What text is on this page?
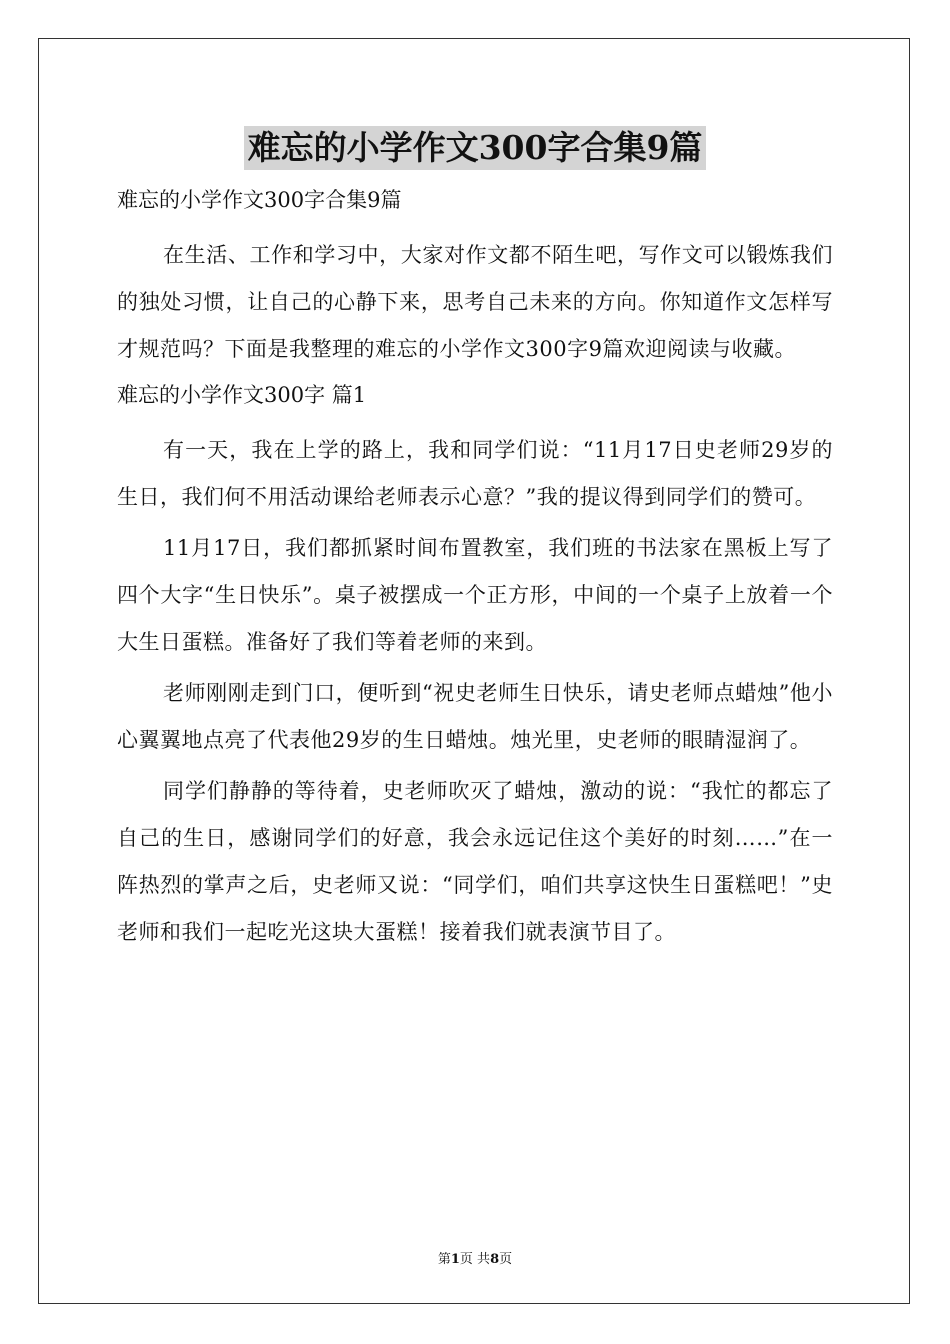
难忘的小学作文300字合集9篇

难忘的小学作文300字合集9篇

在生活、工作和学习中，大家对作文都不陌生吧，写作文可以锻炼我们的独处习惯，让自己的心静下来，思考自己未来的方向。你知道作文怎样写才规范吗？下面是我整理的难忘的小学作文300字9篇欢迎阅读与收藏。

难忘的小学作文300字 篇1

有一天，我在上学的路上，我和同学们说：“11月17日史老师29岁的生日，我们何不用活动课给老师表示心意？”我的提议得到同学们的赞可。

11月17日，我们都抓紧时间布置教室，我们班的书法家在黑板上写了四个大字“生日快乐”。桌子被摆成一个正方形，中间的一个桌子上放着一个大生日蛋糕。准备好了我们等着老师的来到。

老师刚刚走到门口，便听到“祝史老师生日快乐，请史老师点蜡烛”他小心翼翼地点亮了代表他29岁的生日蜡烛。烛光里，史老师的眼睛湿润了。

同学们静静的等待着，史老师吹灭了蜡烛，激动的说：“我忙的都忘了自己的生日，感谢同学们的好意，我会永远记住这个美好的时刻……”在一阵热烈的掌声之后，史老师又说：“同学们，咱们共享这快生日蛋糕吧！”史老师和我们一起吃光这块大蛋糕！接着我们就表演节目了。

第1页 共8页
